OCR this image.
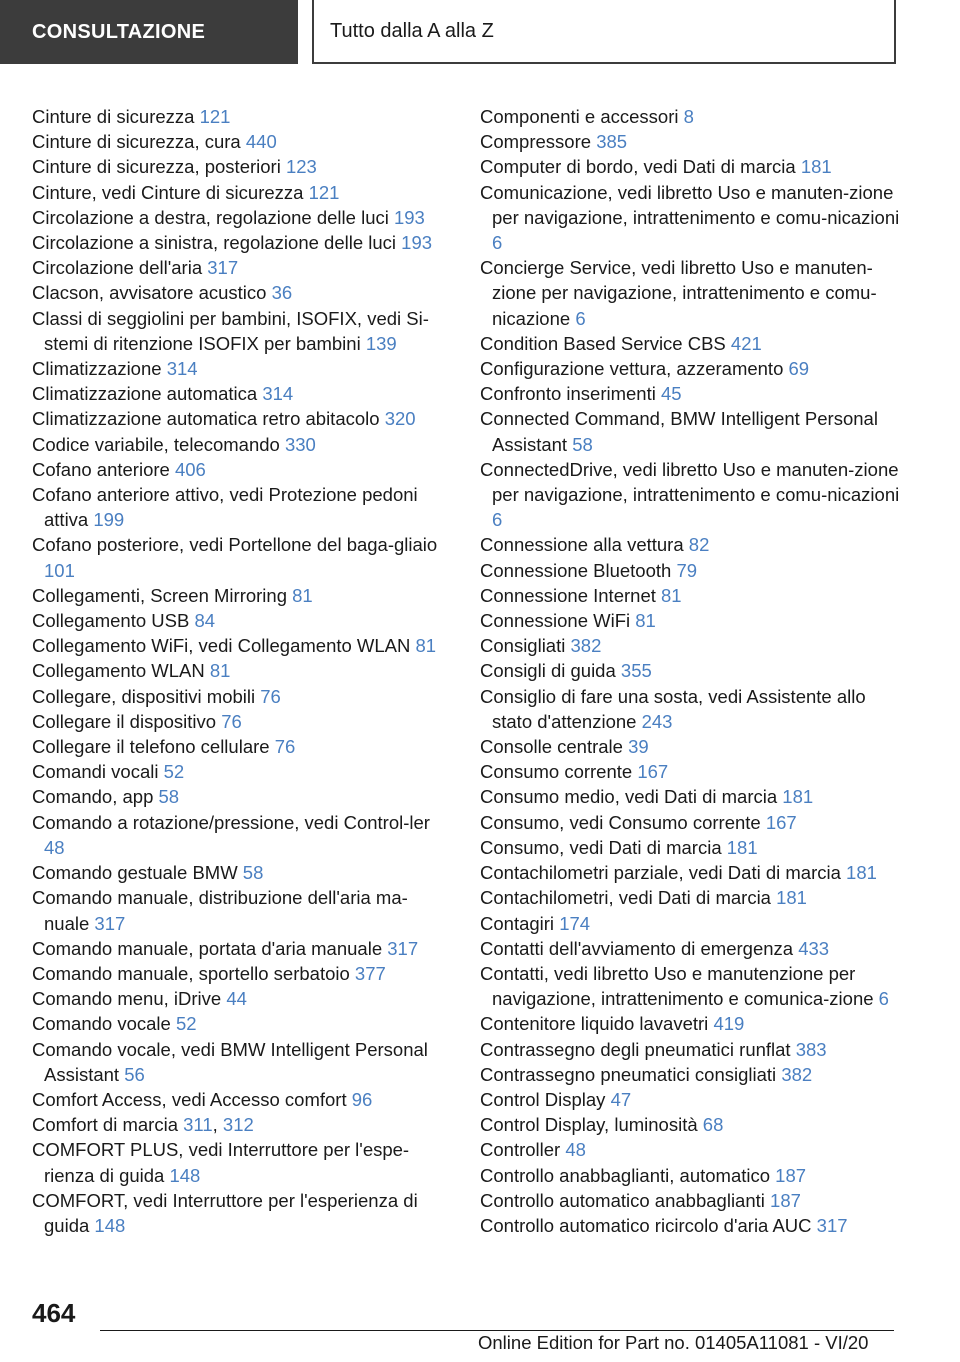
CONSULTAZIONE	Tutto dalla A alla Z
Cinture di sicurezza 121
Cinture di sicurezza, cura 440
Cinture di sicurezza, posteriori 123
Cinture, vedi Cinture di sicurezza 121
Circolazione a destra, regolazione delle luci 193
Circolazione a sinistra, regolazione delle luci 193
Circolazione dell'aria 317
Clacson, avvisatore acustico 36
Classi di seggiolini per bambini, ISOFIX, vedi Si-stemi di ritenzione ISOFIX per bambini 139
Climatizzazione 314
Climatizzazione automatica 314
Climatizzazione automatica retro abitacolo 320
Codice variabile, telecomando 330
Cofano anteriore 406
Cofano anteriore attivo, vedi Protezione pedoni attiva 199
Cofano posteriore, vedi Portellone del baga-gliaio 101
Collegamenti, Screen Mirroring 81
Collegamento USB 84
Collegamento WiFi, vedi Collegamento WLAN 81
Collegamento WLAN 81
Collegare, dispositivi mobili 76
Collegare il dispositivo 76
Collegare il telefono cellulare 76
Comandi vocali 52
Comando, app 58
Comando a rotazione/pressione, vedi Control-ler 48
Comando gestuale BMW 58
Comando manuale, distribuzione dell'aria ma-nuale 317
Comando manuale, portata d'aria manuale 317
Comando manuale, sportello serbatoio 377
Comando menu, iDrive 44
Comando vocale 52
Comando vocale, vedi BMW Intelligent Personal Assistant 56
Comfort Access, vedi Accesso comfort 96
Comfort di marcia 311, 312
COMFORT PLUS, vedi Interruttore per l'espe-rienza di guida 148
COMFORT, vedi Interruttore per l'esperienza di guida 148
Componenti e accessori 8
Compressore 385
Computer di bordo, vedi Dati di marcia 181
Comunicazione, vedi libretto Uso e manuten-zione per navigazione, intrattenimento e comu-nicazioni 6
Concierge Service, vedi libretto Uso e manuten-zione per navigazione, intrattenimento e comu-nicazione 6
Condition Based Service CBS 421
Configurazione vettura, azzeramento 69
Confronto inserimenti 45
Connected Command, BMW Intelligent Personal Assistant 58
ConnectedDrive, vedi libretto Uso e manuten-zione per navigazione, intrattenimento e comu-nicazioni 6
Connessione alla vettura 82
Connessione Bluetooth 79
Connessione Internet 81
Connessione WiFi 81
Consigliati 382
Consigli di guida 355
Consiglio di fare una sosta, vedi Assistente allo stato d'attenzione 243
Consolle centrale 39
Consumo corrente 167
Consumo medio, vedi Dati di marcia 181
Consumo, vedi Consumo corrente 167
Consumo, vedi Dati di marcia 181
Contachilometri parziale, vedi Dati di marcia 181
Contachilometri, vedi Dati di marcia 181
Contagiri 174
Contatti dell'avviamento di emergenza 433
Contatti, vedi libretto Uso e manutenzione per navigazione, intrattenimento e comunica-zione 6
Contenitore liquido lavavetri 419
Contrassegno degli pneumatici runflat 383
Contrassegno pneumatici consigliati 382
Control Display 47
Control Display, luminosità 68
Controller 48
Controllo anabbaglianti, automatico 187
Controllo automatico anabbaglianti 187
Controllo automatico ricircolo d'aria AUC 317
464
Online Edition for Part no. 01405A11081 - VI/20
